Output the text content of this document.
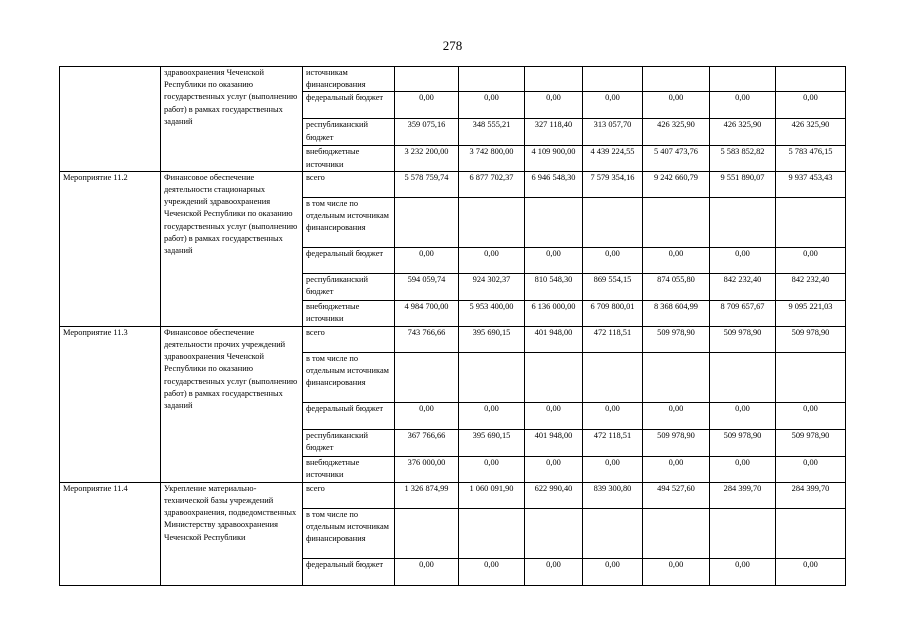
278
	здравоохранения Чеченской Республики по оказанию государственных услуг (выполнению работ) в рамках государственных заданий	источникам финансирования							
		федеральный бюджет	0,00	0,00	0,00	0,00	0,00	0,00	0,00
		республиканский бюджет	359 075,16	348 555,21	327 118,40	313 057,70	426 325,90	426 325,90	426 325,90
		внебюджетные источники	3 232 200,00	3 742 800,00	4 109 900,00	4 439 224,55	5 407 473,76	5 583 852,82	5 783 476,15
Мероприятие 11.2	Финансовое обеспечение деятельности стационарных учреждений здравоохранения Чеченской Республики по оказанию государственных услуг (выполнению работ) в рамках государственных заданий	всего	5 578 759,74	6 877 702,37	6 946 548,30	7 579 354,16	9 242 660,79	9 551 890,07	9 937 453,43
		в том числе по отдельным источникам финансирования							
		федеральный бюджет	0,00	0,00	0,00	0,00	0,00	0,00	0,00
		республиканский бюджет	594 059,74	924 302,37	810 548,30	869 554,15	874 055,80	842 232,40	842 232,40
		внебюджетные источники	4 984 700,00	5 953 400,00	6 136 000,00	6 709 800,01	8 368 604,99	8 709 657,67	9 095 221,03
Мероприятие 11.3	Финансовое обеспечение деятельности прочих учреждений здравоохранения Чеченской Республики по оказанию государственных услуг (выполнению работ) в рамках государственных заданий	всего	743 766,66	395 690,15	401 948,00	472 118,51	509 978,90	509 978,90	509 978,90
		в том числе по отдельным источникам финансирования							
		федеральный бюджет	0,00	0,00	0,00	0,00	0,00	0,00	0,00
		республиканский бюджет	367 766,66	395 690,15	401 948,00	472 118,51	509 978,90	509 978,90	509 978,90
		внебюджетные источники	376 000,00	0,00	0,00	0,00	0,00	0,00	0,00
Мероприятие 11.4	Укрепление материально-технической базы учреждений здравоохранения, подведомственных Министерству здравоохранения Чеченской Республики	всего	1 326 874,99	1 060 091,90	622 990,40	839 300,80	494 527,60	284 399,70	284 399,70
		в том числе по отдельным источникам финансирования							
		федеральный бюджет	0,00	0,00	0,00	0,00	0,00	0,00	0,00
